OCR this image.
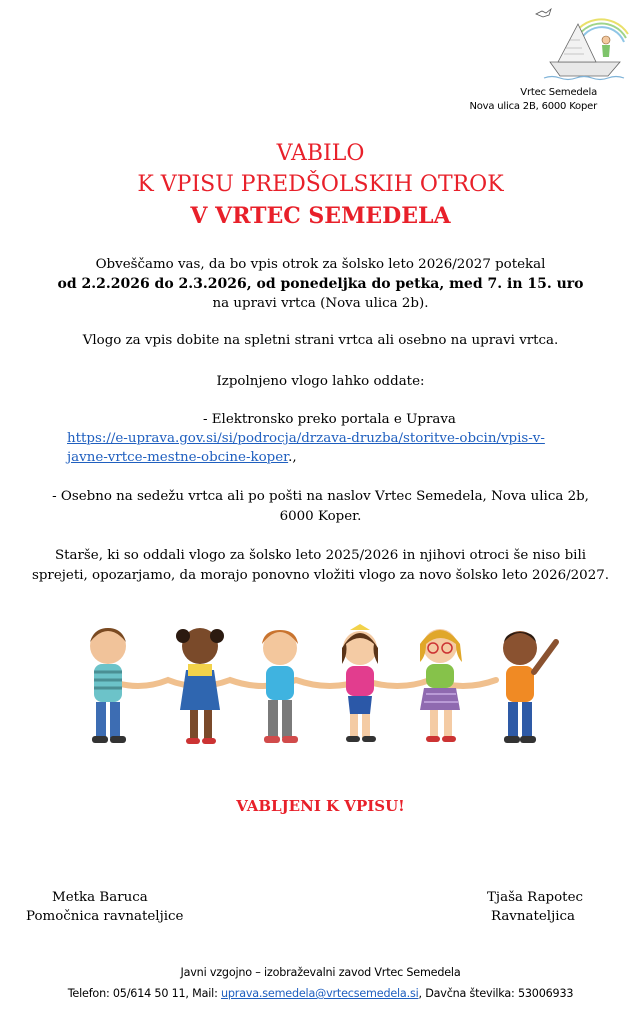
Vrtec Semedela
Nova ulica 2B, 6000 Koper
VABILO
K VPISU PREDŠOLSKIH OTROK
V VRTEC SEMEDELA
Obveščamo vas, da bo vpis otrok za šolsko leto 2026/2027 potekal
od 2.2.2026 do 2.3.2026, od ponedeljka do petka, med 7. in 15. uro
na upravi vrtca (Nova ulica 2b).
Vlogo za vpis dobite na spletni strani vrtca ali osebno na upravi vrtca.
Izpolnjeno vlogo lahko oddate:
- Elektronsko preko portala e Uprava
https://e-uprava.gov.si/si/podrocja/drzava-druzba/storitve-obcin/vpis-v-
javne-vrtce-mestne-obcine-koper.,
- Osebno na sedežu vrtca ali po pošti na naslov Vrtec Semedela, Nova ulica 2b,
6000 Koper.
Starše, ki so oddali vlogo za šolsko leto 2025/2026 in njihovi otroci še niso bili
sprejeti, opozarjamo, da morajo ponovno vložiti vlogo za novo šolsko leto 2026/2027.
VABLJENI K VPISU!
Metka Baruca
Pomočnica ravnateljice
Tjaša Rapotec
Ravnateljica
Javni vzgojno – izobraževalni zavod Vrtec Semedela
Telefon: 05/614 50 11, Mail: uprava.semedela@vrtecsemedela.si, Davčna številka: 53006933
